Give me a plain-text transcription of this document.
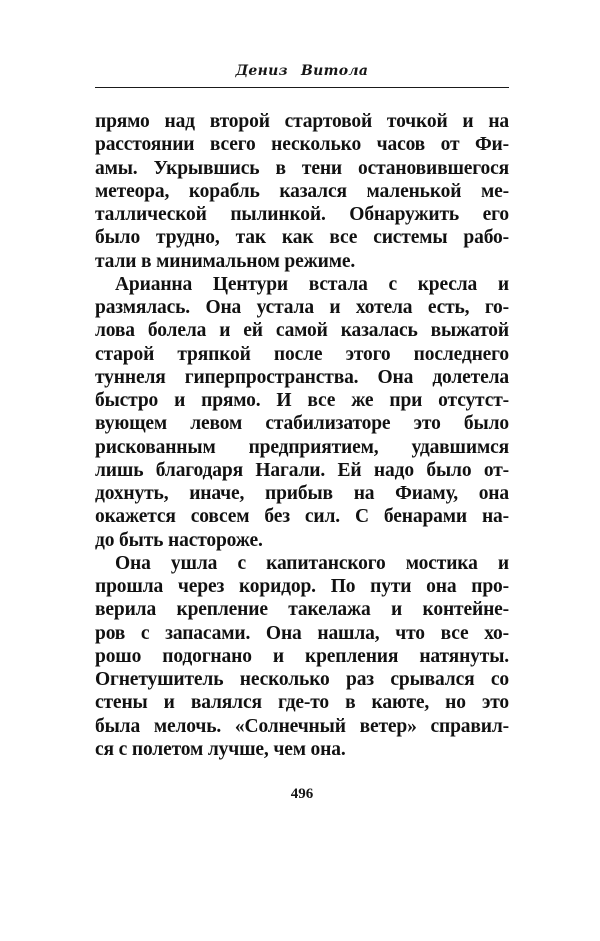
Дениз Витола
прямо над второй стартовой точкой и на
расстоянии всего несколько часов от Фи-
амы. Укрывшись в тени остановившегося
метеора, корабль казался маленькой ме-
таллической пылинкой. Обнаружить его
было трудно, так как все системы рабо-
тали в минимальном режиме.
Арианна Центури встала с кресла и
размялась. Она устала и хотела есть, го-
лова болела и ей самой казалась выжатой
старой тряпкой после этого последнего
туннеля гиперпространства. Она долетела
быстро и прямо. И все же при отсутст-
вующем левом стабилизаторе это было
рискованным предприятием, удавшимся
лишь благодаря Нагали. Ей надо было от-
дохнуть, иначе, прибыв на Фиаму, она
окажется совсем без сил. С бенарами на-
до быть настороже.
Она ушла с капитанского мостика и
прошла через коридор. По пути она про-
верила крепление такелажа и контейне-
ров с запасами. Она нашла, что все хо-
рошо подогнано и крепления натянуты.
Огнетушитель несколько раз срывался со
стены и валялся где-то в каюте, но это
была мелочь. «Солнечный ветер» справил-
ся с полетом лучше, чем она.
496
